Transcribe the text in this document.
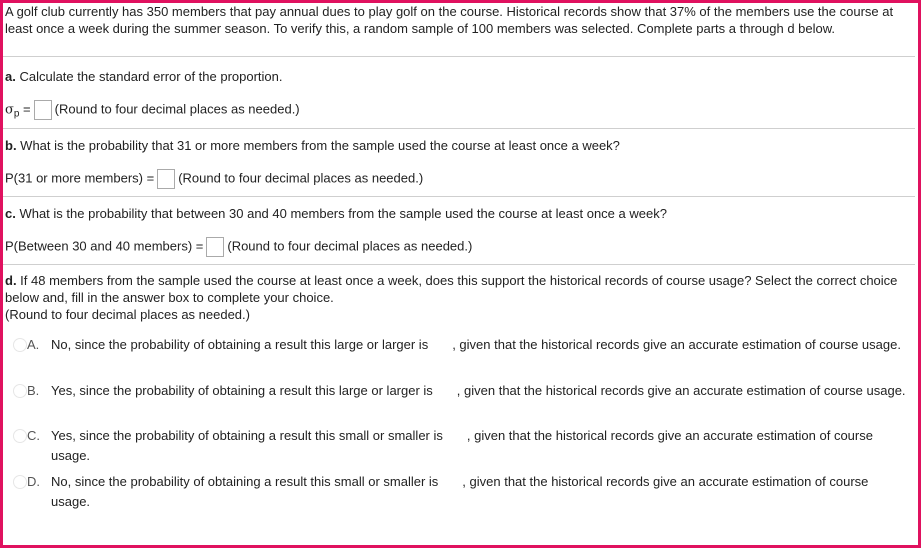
A golf club currently has 350 members that pay annual dues to play golf on the course. Historical records show that 37% of the members use the course at least once a week during the summer season. To verify this, a random sample of 100 members was selected. Complete parts a through d below.
a. Calculate the standard error of the proportion.
$\sigma_p$ = (Round to four decimal places as needed.)
b. What is the probability that 31 or more members from the sample used the course at least once a week?
P(31 or more members) = (Round to four decimal places as needed.)
c. What is the probability that between 30 and 40 members from the sample used the course at least once a week?
P(Between 30 and 40 members) = (Round to four decimal places as needed.)
d. If 48 members from the sample used the course at least once a week, does this support the historical records of course usage? Select the correct choice below and, fill in the answer box to complete your choice.
(Round to four decimal places as needed.)
A. No, since the probability of obtaining a result this large or larger is , given that the historical records give an accurate estimation of course usage.
B. Yes, since the probability of obtaining a result this large or larger is , given that the historical records give an accurate estimation of course usage.
C. Yes, since the probability of obtaining a result this small or smaller is , given that the historical records give an accurate estimation of course usage.
D. No, since the probability of obtaining a result this small or smaller is , given that the historical records give an accurate estimation of course usage.
